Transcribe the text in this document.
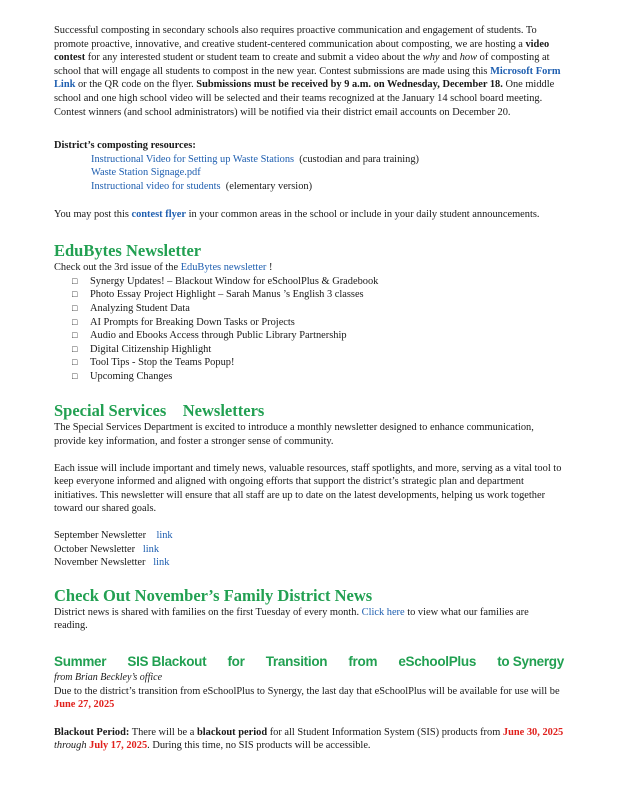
Successful composting in secondary schools also requires proactive communication and engagement of students. To promote proactive, innovative, and creative student-centered communication about composting, we are hosting a video contest for any interested student or student team to create and submit a video about the why and how of composting at school that will engage all students to compost in the new year. Contest submissions are made using this Microsoft Form Link or the QR code on the flyer. Submissions must be received by 9 a.m. on Wednesday, December 18. One middle school and one high school video will be selected and their teams recognized at the January 14 school board meeting. Contest winners (and school administrators) will be notified via their district email accounts on December 20.

District’s composting resources:

Instructional Video for Setting up Waste Stations (custodian and para training)
Waste Station Signage.pdf
Instructional video for students (elementary version)

You may post this contest flyer in your common areas in the school or include in your daily student announcements.

EduBytes Newsletter

Check out the 3rd issue of the EduBytes newsletter !

□ Synergy Updates! – Blackout Window for eSchoolPlus & Gradebook
□ Photo Essay Project Highlight – Sarah Manus ’s English 3 classes
□ Analyzing Student Data
□ AI Prompts for Breaking Down Tasks or Projects
□ Audio and Ebooks Access through Public Library Partnership
□ Digital Citizenship Highlight
□ Tool Tips - Stop the Teams Popup!
□ Upcoming Changes
Special Services    Newsletters

The Special Services Department is excited to introduce a monthly newsletter designed to enhance communication, provide key information, and foster a stronger sense of community.

Each issue will include important and timely news, valuable resources, staff spotlights, and more, serving as a vital tool to keep everyone informed and aligned with ongoing efforts that support the district’s strategic plan and department initiatives. This newsletter will ensure that all staff are up to date on the latest developments, helping us work together toward our shared goals.

September Newsletter link
October Newsletter link
November Newsletter link
Check Out November’s Family District News

District news is shared with families on the first Tuesday of every month. Click here to view what our families are reading.

Summer SIS Blackout for Transition from eSchoolPlus to Synergy

from Brian Beckley’s office

Due to the district’s transition from eSchoolPlus to Synergy, the last day that eSchoolPlus will be available for use will be June 27, 2025

Blackout Period: There will be a blackout period for all Student Information System (SIS) products from June 30, 2025 through July 17, 2025. During this time, no SIS products will be accessible.
